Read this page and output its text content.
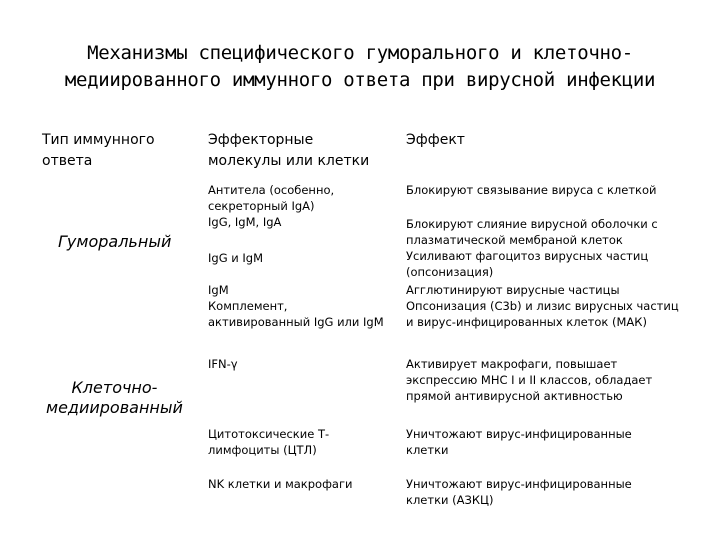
Механизмы специфического гуморального и клеточно-
медиированного иммунного ответа при вирусной инфекции
Тип иммунного
ответа
Эффекторные
молекулы или клетки
Эффект
Гуморальный
Клеточно-
медиированный
Антитела (особенно,
секреторный IgA)
IgG, IgM, IgA
Блокируют связывание вируса с клеткой
IgG и IgM
Блокируют слияние вирусной оболочки с
плазматической мембраной клеток
Усиливают фагоцитоз вирусных частиц
(опсонизация)
IgM
Комплемент,
активированный IgG или IgM
Агглютинируют вирусные частицы
Опсонизация (C3b) и лизис вирусных частиц
и вирус-инфицированных клеток (МАК)
IFN-γ	Активирует макрофаги, повышает
экспрессию MHC I и II классов, обладает
прямой антивирусной активностью
Цитотоксические Т-
лимфоциты (ЦТЛ)
Уничтожают вирус-инфицированные
клетки
NK клетки и макрофаги	Уничтожают вирус-инфицированные
клетки (АЗКЦ)
